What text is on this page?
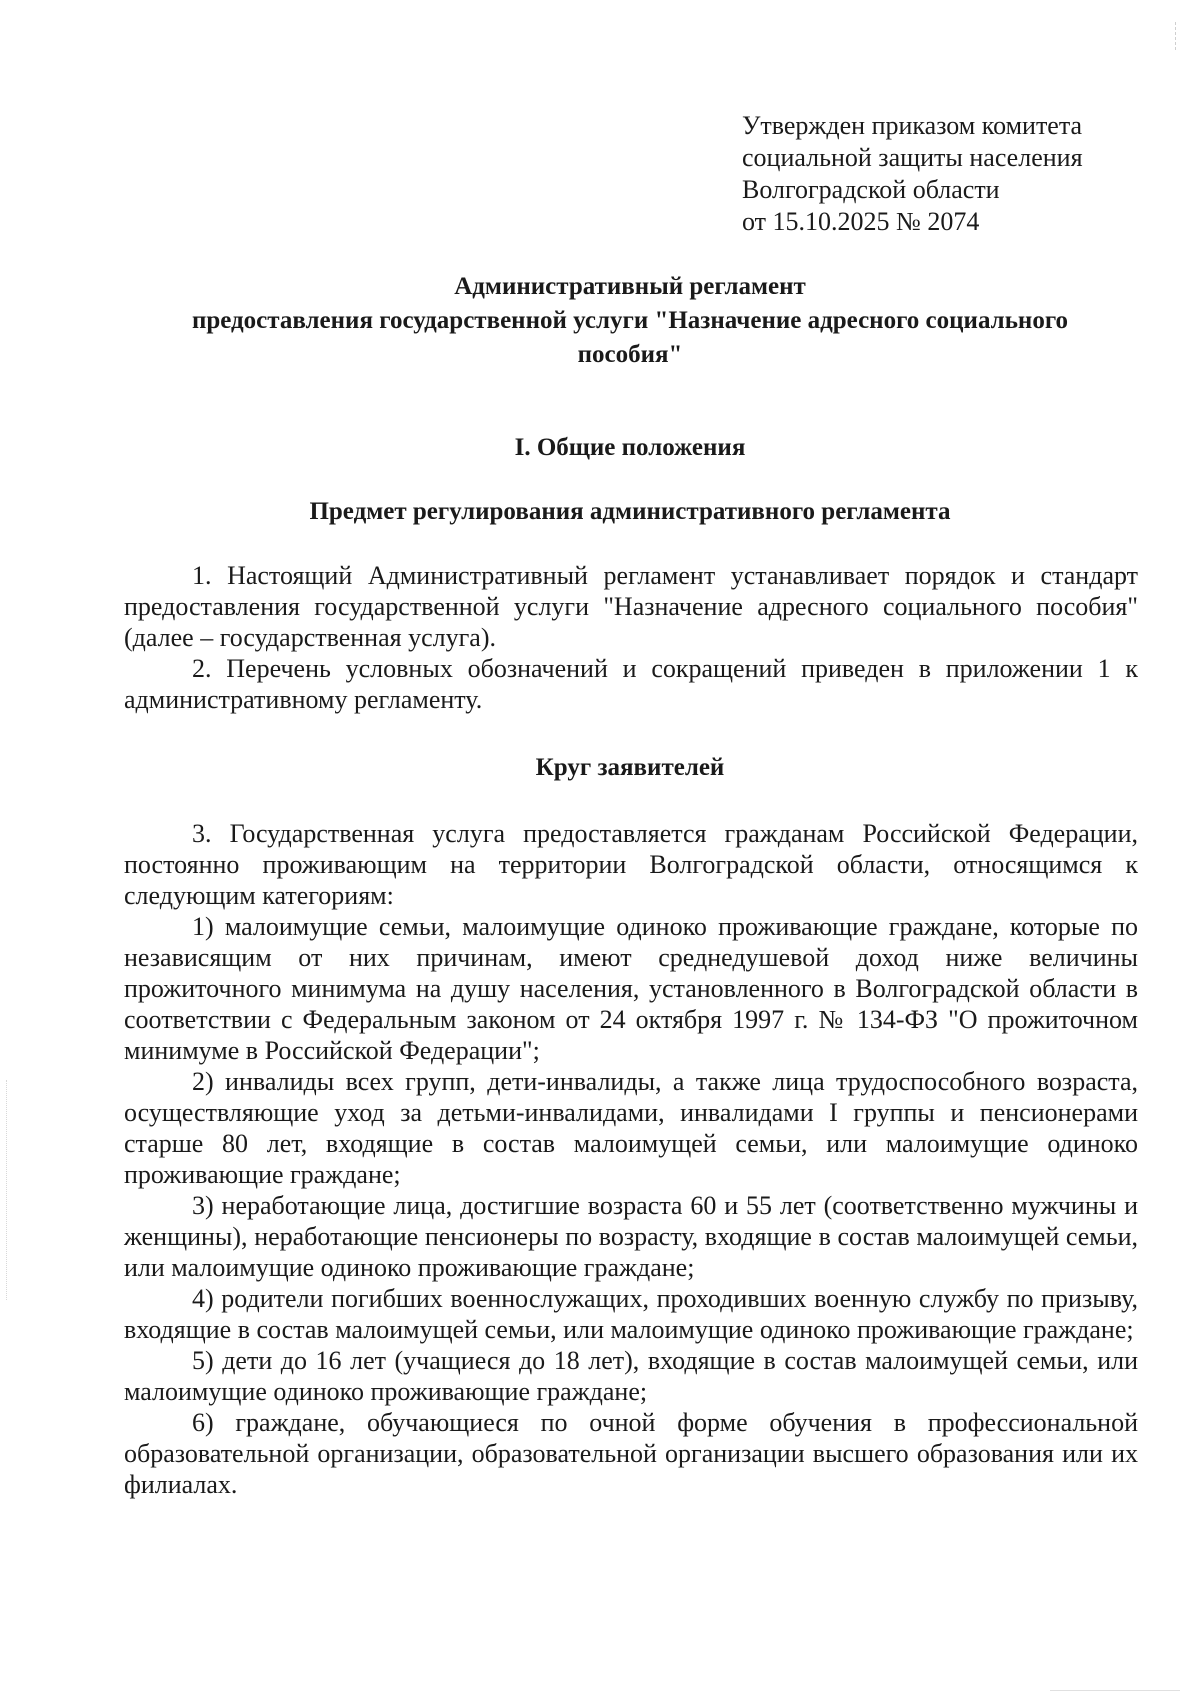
Утвержден приказом комитета
социальной защиты населения
Волгоградской области
от 15.10.2025 № 2074
Административный регламент
предоставления государственной услуги "Назначение адресного социального
пособия"
I. Общие положения
Предмет регулирования административного регламента

1. Настоящий Административный регламент устанавливает порядок и стандарт предоставления государственной услуги "Назначение адресного социального пособия" (далее – государственная услуга).

2. Перечень условных обозначений и сокращений приведен в приложении 1 к административному регламенту.

Круг заявителей

3. Государственная услуга предоставляется гражданам Российской Федерации, постоянно проживающим на территории Волгоградской области, относящимся к следующим категориям:

1) малоимущие семьи, малоимущие одиноко проживающие граждане, которые по независящим от них причинам, имеют среднедушевой доход ниже величины прожиточного минимума на душу населения, установленного в Волгоградской области в соответствии с Федеральным законом от 24 октября 1997 г. № 134-ФЗ "О прожиточном минимуме в Российской Федерации";

2) инвалиды всех групп, дети-инвалиды, а также лица трудоспособного возраста, осуществляющие уход за детьми-инвалидами, инвалидами I группы и пенсионерами старше 80 лет, входящие в состав малоимущей семьи, или малоимущие одиноко проживающие граждане;

3) неработающие лица, достигшие возраста 60 и 55 лет (соответственно мужчины и женщины), неработающие пенсионеры по возрасту, входящие в состав малоимущей семьи, или малоимущие одиноко проживающие граждане;

4) родители погибших военнослужащих, проходивших военную службу по призыву, входящие в состав малоимущей семьи, или малоимущие одиноко проживающие граждане;

5) дети до 16 лет (учащиеся до 18 лет), входящие в состав малоимущей семьи, или малоимущие одиноко проживающие граждане;

6) граждане, обучающиеся по очной форме обучения в профессиональной образовательной организации, образовательной организации высшего образования или их филиалах.
